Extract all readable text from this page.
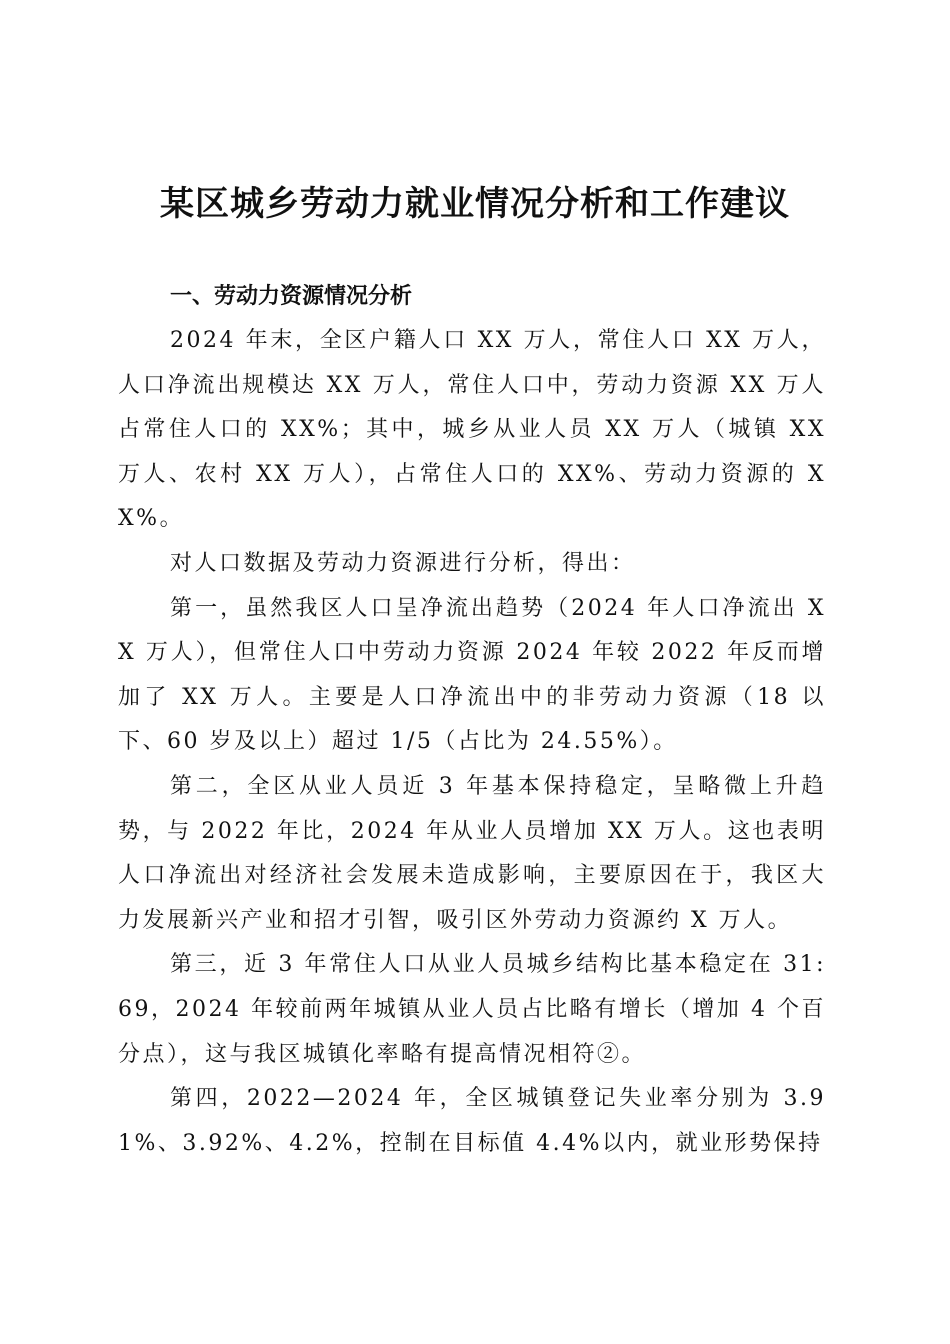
某区城乡劳动力就业情况分析和工作建议
一、劳动力资源情况分析

2024 年末，全区户籍人口 XX 万人，常住人口 XX 万人，人口净流出规模达 XX 万人，常住人口中，劳动力资源 XX 万人占常住人口的 XX%；其中，城乡从业人员 XX 万人（城镇 XX 万人、农村 XX 万人），占常住人口的 XX%、劳动力资源的 XX%。

对人口数据及劳动力资源进行分析，得出：

第一，虽然我区人口呈净流出趋势（2024 年人口净流出 XX 万人），但常住人口中劳动力资源 2024 年较 2022 年反而增加了 XX 万人。主要是人口净流出中的非劳动力资源（18 以下、60 岁及以上）超过 1/5（占比为 24.55%）。

第二，全区从业人员近 3 年基本保持稳定，呈略微上升趋势，与 2022 年比，2024 年从业人员增加 XX 万人。这也表明人口净流出对经济社会发展未造成影响，主要原因在于，我区大力发展新兴产业和招才引智，吸引区外劳动力资源约 X 万人。

第三，近 3 年常住人口从业人员城乡结构比基本稳定在 31:69，2024 年较前两年城镇从业人员占比略有增长（增加 4 个百分点），这与我区城镇化率略有提高情况相符②。

第四，2022—2024 年，全区城镇登记失业率分别为 3.91%、3.92%、4.2%，控制在目标值 4.4%以内，就业形势保持
